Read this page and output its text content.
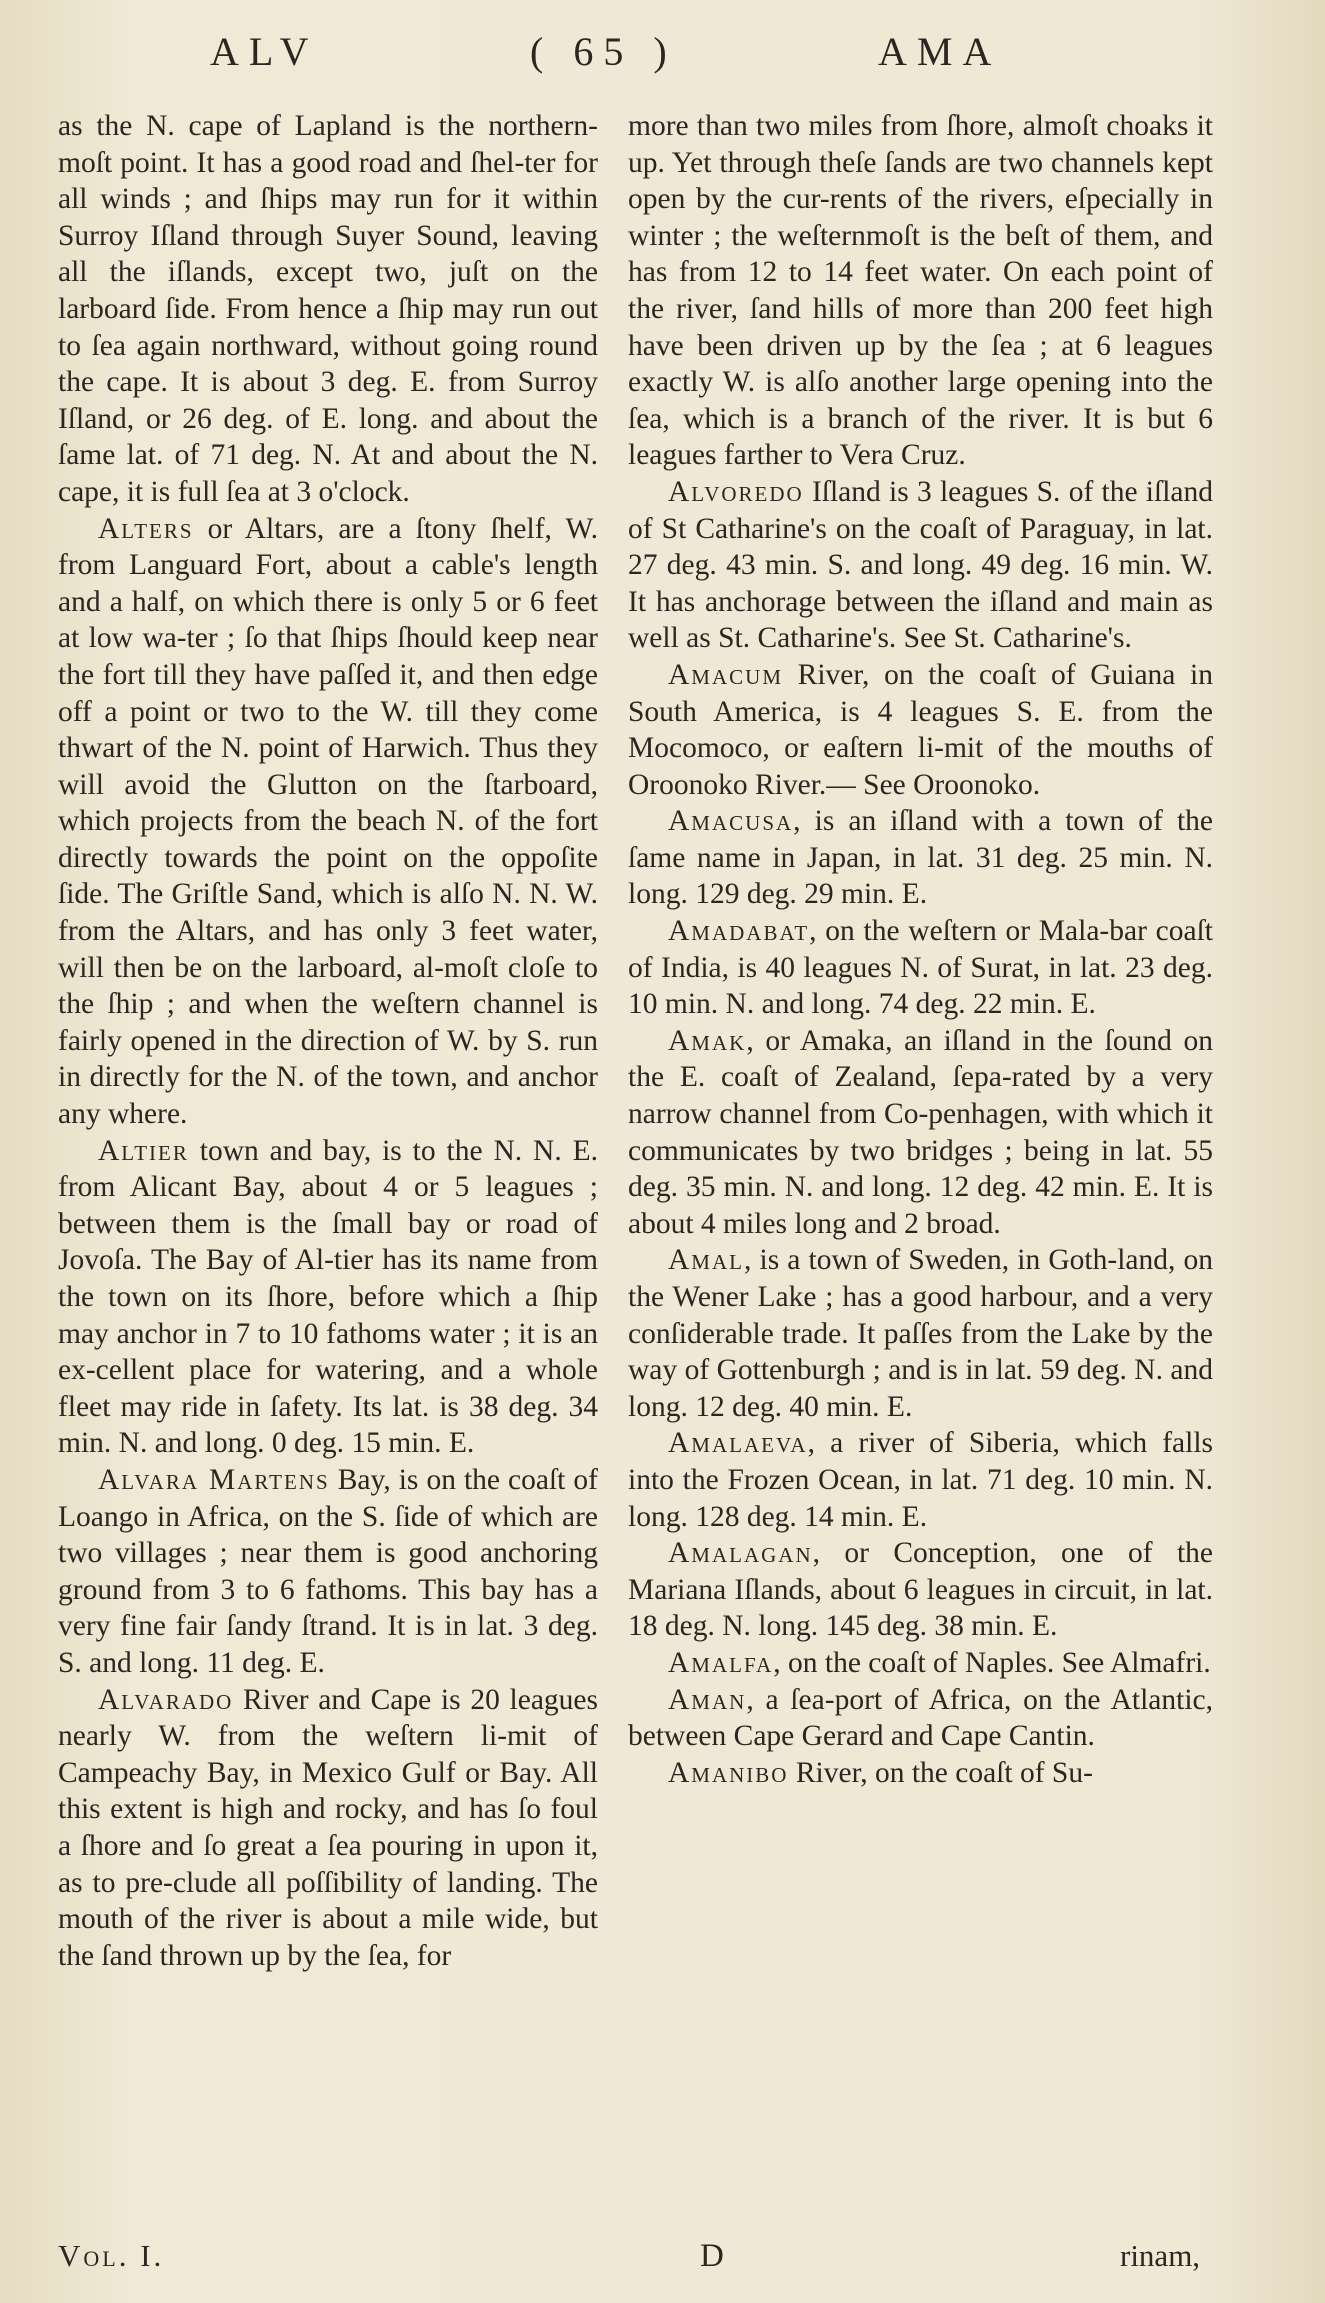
ALV	( 65 )	AMA

as the N. cape of Lapland is the northern-moſt point. It has a good road and ſhel-ter for all winds ; and ſhips may run for it within Surroy Iſland through Suyer Sound, leaving all the iſlands, except two, juſt on the larboard ſide. From hence a ſhip may run out to ſea again northward, without going round the cape. It is about 3 deg. E. from Surroy Iſland, or 26 deg. of E. long. and about the ſame lat. of 71 deg. N. At and about the N. cape, it is full ſea at 3 o'clock.

Alters or Altars, are a ſtony ſhelf, W. from Languard Fort, about a cable's length and a half, on which there is only 5 or 6 feet at low wa-ter ; ſo that ſhips ſhould keep near the fort till they have paſſed it, and then edge off a point or two to the W. till they come thwart of the N. point of Harwich. Thus they will avoid the Glutton on the ſtarboard, which projects from the beach N. of the fort directly towards the point on the oppoſite ſide. The Griſtle Sand, which is alſo N. N. W. from the Altars, and has only 3 feet water, will then be on the larboard, al-moſt cloſe to the ſhip ; and when the weſtern channel is fairly opened in the direction of W. by S. run in directly for the N. of the town, and anchor any where.

Altier town and bay, is to the N. N. E. from Alicant Bay, about 4 or 5 leagues ; between them is the ſmall bay or road of Jovoſa. The Bay of Al-tier has its name from the town on its ſhore, before which a ſhip may anchor in 7 to 10 fathoms water ; it is an ex-cellent place for watering, and a whole fleet may ride in ſafety. Its lat. is 38 deg. 34 min. N. and long. 0 deg. 15 min. E.

Alvara Martens Bay, is on the coaſt of Loango in Africa, on the S. ſide of which are two villages ; near them is good anchoring ground from 3 to 6 fathoms. This bay has a very fine fair ſandy ſtrand. It is in lat. 3 deg. S. and long. 11 deg. E.

Alvarado River and Cape is 20 leagues nearly W. from the weſtern li-mit of Campeachy Bay, in Mexico Gulf or Bay. All this extent is high and rocky, and has ſo foul a ſhore and ſo great a ſea pouring in upon it, as to pre-clude all poſſibility of landing. The mouth of the river is about a mile wide, but the ſand thrown up by the ſea, for

more than two miles from ſhore, almoſt choaks it up. Yet through theſe ſands are two channels kept open by the cur-rents of the rivers, eſpecially in winter ; the weſternmoſt is the beſt of them, and has from 12 to 14 feet water. On each point of the river, ſand hills of more than 200 feet high have been driven up by the ſea ; at 6 leagues exactly W. is alſo another large opening into the ſea, which is a branch of the river. It is but 6 leagues farther to Vera Cruz.

Alvoredo Iſland is 3 leagues S. of the iſland of St Catharine's on the coaſt of Paraguay, in lat. 27 deg. 43 min. S. and long. 49 deg. 16 min. W. It has anchorage between the iſland and main as well as St. Catharine's. See St. Catharine's.

Amacum River, on the coaſt of Guiana in South America, is 4 leagues S. E. from the Mocomoco, or eaſtern li-mit of the mouths of Oroonoko River.— See Oroonoko.

Amacusa, is an iſland with a town of the ſame name in Japan, in lat. 31 deg. 25 min. N. long. 129 deg. 29 min. E.

Amadabat, on the weſtern or Mala-bar coaſt of India, is 40 leagues N. of Surat, in lat. 23 deg. 10 min. N. and long. 74 deg. 22 min. E.

Amak, or Amaka, an iſland in the ſound on the E. coaſt of Zealand, ſepa-rated by a very narrow channel from Co-penhagen, with which it communicates by two bridges ; being in lat. 55 deg. 35 min. N. and long. 12 deg. 42 min. E. It is about 4 miles long and 2 broad.

Amal, is a town of Sweden, in Goth-land, on the Wener Lake ; has a good harbour, and a very conſiderable trade. It paſſes from the Lake by the way of Gottenburgh ; and is in lat. 59 deg. N. and long. 12 deg. 40 min. E.

Amalaeva, a river of Siberia, which falls into the Frozen Ocean, in lat. 71 deg. 10 min. N. long. 128 deg. 14 min. E.

Amalagan, or Conception, one of the Mariana Iſlands, about 6 leagues in circuit, in lat. 18 deg. N. long. 145 deg. 38 min. E.

Amalfa, on the coaſt of Naples. See Almafri.

Aman, a ſea-port of Africa, on the Atlantic, between Cape Gerard and Cape Cantin.

Amanibo River, on the coaſt of Su-

Vol. I.	D	rinam,
